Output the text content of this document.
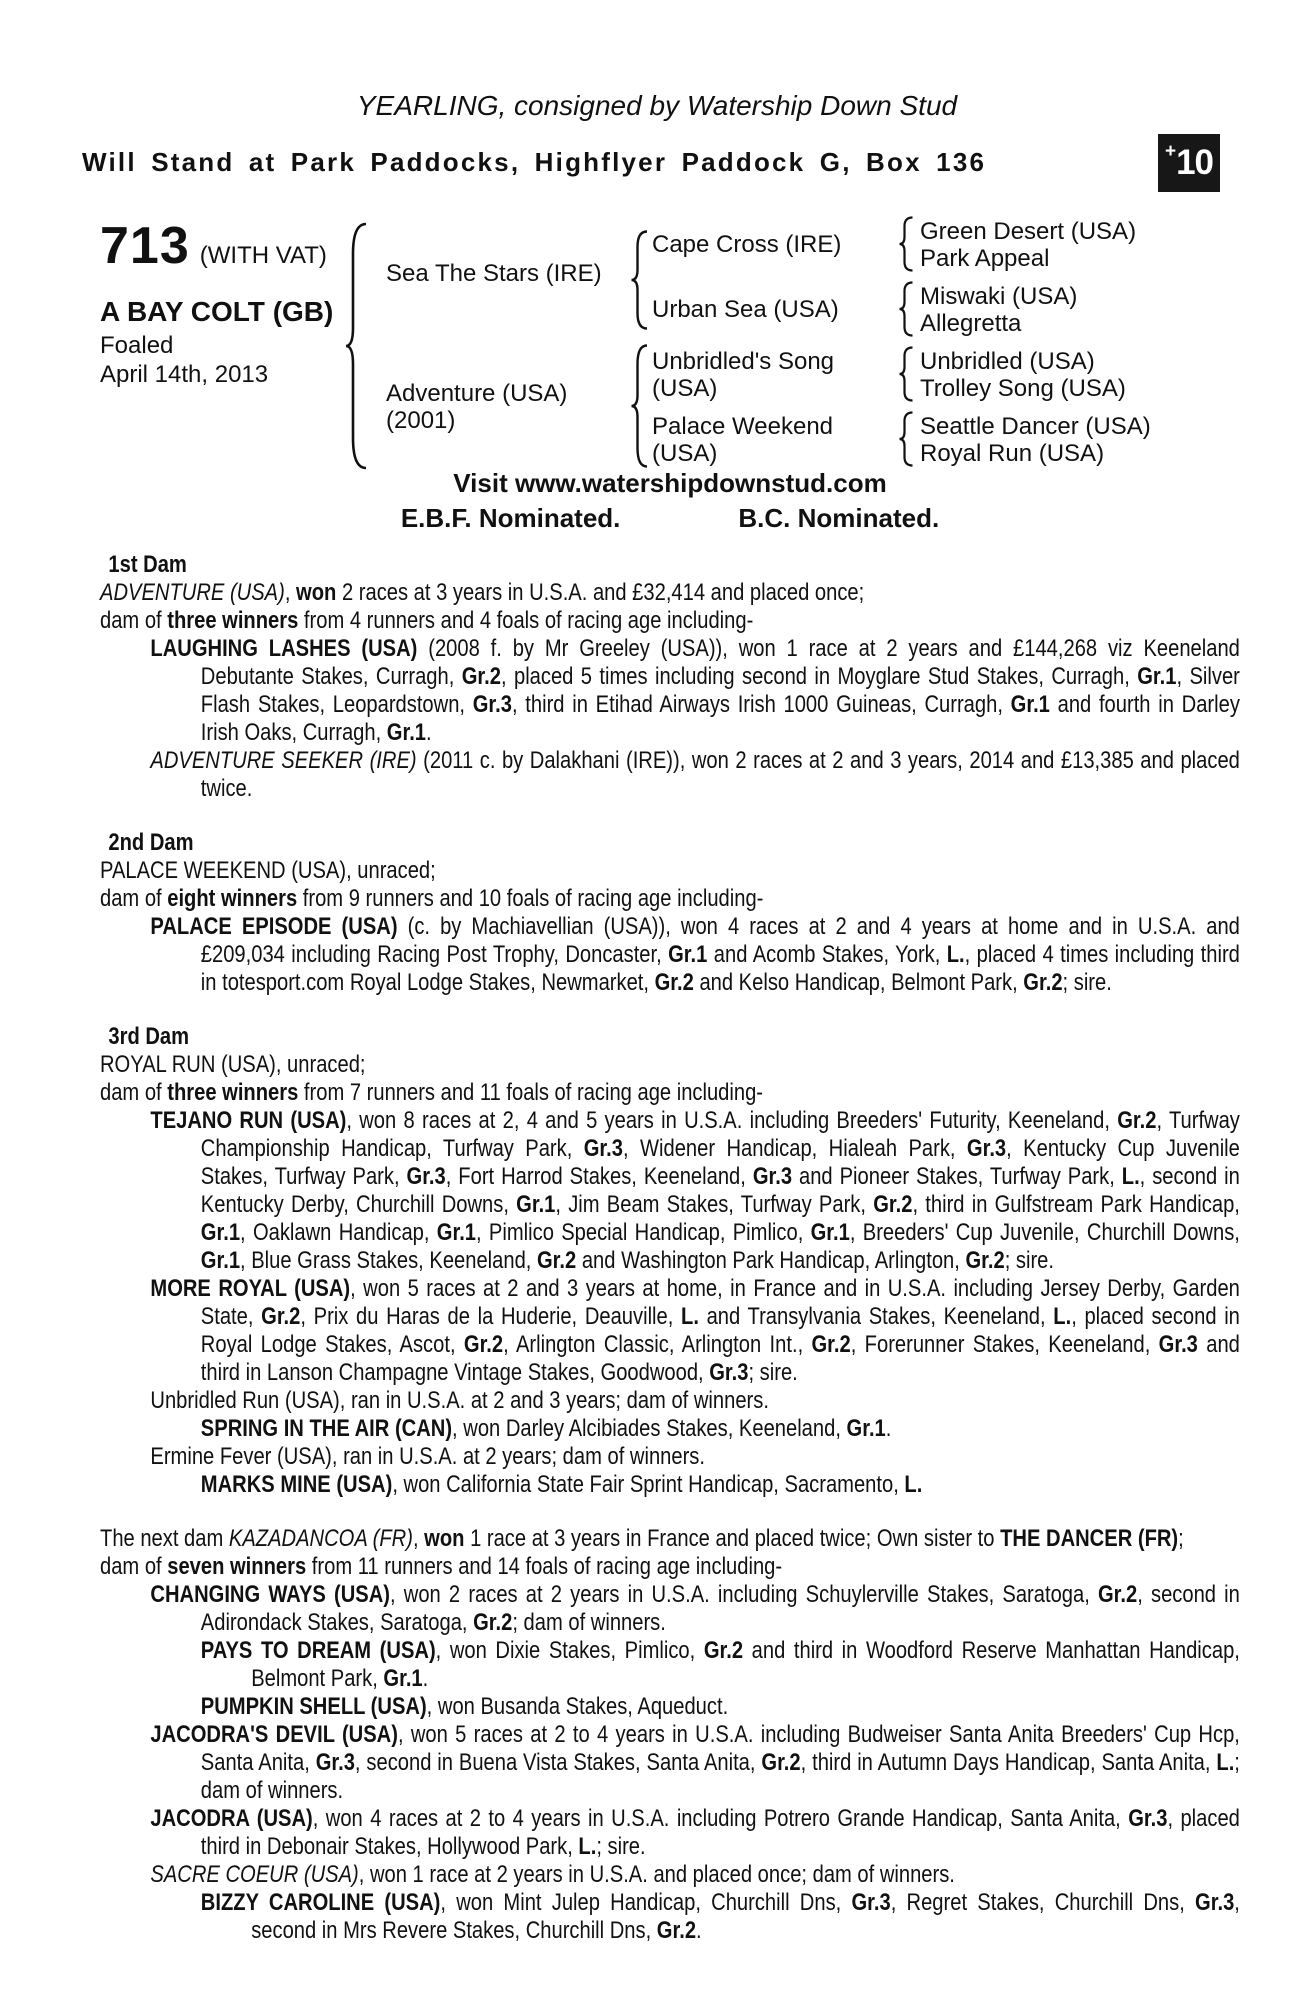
YEARLING, consigned by Watership Down Stud
Will Stand at Park Paddocks, Highflyer Paddock G, Box 136	+ 10
713 (WITH VAT)
A BAY COLT (GB)
Foaled
April 14th, 2013
Sea The Stars (IRE)
Adventure (USA)
(2001)
Cape Cross (IRE)
Urban Sea (USA)
Unbridled's Song
(USA)
Palace Weekend
(USA)
Green Desert (USA)
Park Appeal
Miswaki (USA)
Allegretta
Unbridled (USA)
Trolley Song (USA)
Seattle Dancer (USA)
Royal Run (USA)
Visit www.watershipdownstud.com
E.B.F. Nominated.	B.C. Nominated.
1st Dam

ADVENTURE (USA), won 2 races at 3 years in U.S.A. and £32,414 and placed once;

dam of three winners from 4 runners and 4 foals of racing age including-

LAUGHING LASHES (USA) (2008 f. by Mr Greeley (USA)), won 1 race at 2 years and £144,268 viz Keeneland Debutante Stakes, Curragh, Gr.2, placed 5 times including second in Moyglare Stud Stakes, Curragh, Gr.1, Silver Flash Stakes, Leopardstown, Gr.3, third in Etihad Airways Irish 1000 Guineas, Curragh, Gr.1 and fourth in Darley Irish Oaks, Curragh, Gr.1.

ADVENTURE SEEKER (IRE) (2011 c. by Dalakhani (IRE)), won 2 races at 2 and 3 years, 2014 and £13,385 and placed twice.

2nd Dam

PALACE WEEKEND (USA), unraced;

dam of eight winners from 9 runners and 10 foals of racing age including-

PALACE EPISODE (USA) (c. by Machiavellian (USA)), won 4 races at 2 and 4 years at home and in U.S.A. and £209,034 including Racing Post Trophy, Doncaster, Gr.1 and Acomb Stakes, York, L., placed 4 times including third in totesport.com Royal Lodge Stakes, Newmarket, Gr.2 and Kelso Handicap, Belmont Park, Gr.2; sire.

3rd Dam

ROYAL RUN (USA), unraced;

dam of three winners from 7 runners and 11 foals of racing age including-

TEJANO RUN (USA), won 8 races at 2, 4 and 5 years in U.S.A. including Breeders' Futurity, Keeneland, Gr.2, Turfway Championship Handicap, Turfway Park, Gr.3, Widener Handicap, Hialeah Park, Gr.3, Kentucky Cup Juvenile Stakes, Turfway Park, Gr.3, Fort Harrod Stakes, Keeneland, Gr.3 and Pioneer Stakes, Turfway Park, L., second in Kentucky Derby, Churchill Downs, Gr.1, Jim Beam Stakes, Turfway Park, Gr.2, third in Gulfstream Park Handicap, Gr.1, Oaklawn Handicap, Gr.1, Pimlico Special Handicap, Pimlico, Gr.1, Breeders' Cup Juvenile, Churchill Downs, Gr.1, Blue Grass Stakes, Keeneland, Gr.2 and Washington Park Handicap, Arlington, Gr.2; sire.

MORE ROYAL (USA), won 5 races at 2 and 3 years at home, in France and in U.S.A. including Jersey Derby, Garden State, Gr.2, Prix du Haras de la Huderie, Deauville, L. and Transylvania Stakes, Keeneland, L., placed second in Royal Lodge Stakes, Ascot, Gr.2, Arlington Classic, Arlington Int., Gr.2, Forerunner Stakes, Keeneland, Gr.3 and third in Lanson Champagne Vintage Stakes, Goodwood, Gr.3; sire.

Unbridled Run (USA), ran in U.S.A. at 2 and 3 years; dam of winners.

SPRING IN THE AIR (CAN), won Darley Alcibiades Stakes, Keeneland, Gr.1.

Ermine Fever (USA), ran in U.S.A. at 2 years; dam of winners.

MARKS MINE (USA), won California State Fair Sprint Handicap, Sacramento, L.

The next dam KAZADANCOA (FR), won 1 race at 3 years in France and placed twice; Own sister to THE DANCER (FR);

dam of seven winners from 11 runners and 14 foals of racing age including-

CHANGING WAYS (USA), won 2 races at 2 years in U.S.A. including Schuylerville Stakes, Saratoga, Gr.2, second in Adirondack Stakes, Saratoga, Gr.2; dam of winners.

PAYS TO DREAM (USA), won Dixie Stakes, Pimlico, Gr.2 and third in Woodford Reserve Manhattan Handicap, Belmont Park, Gr.1.

PUMPKIN SHELL (USA), won Busanda Stakes, Aqueduct.

JACODRA'S DEVIL (USA), won 5 races at 2 to 4 years in U.S.A. including Budweiser Santa Anita Breeders' Cup Hcp, Santa Anita, Gr.3, second in Buena Vista Stakes, Santa Anita, Gr.2, third in Autumn Days Handicap, Santa Anita, L.; dam of winners.

JACODRA (USA), won 4 races at 2 to 4 years in U.S.A. including Potrero Grande Handicap, Santa Anita, Gr.3, placed third in Debonair Stakes, Hollywood Park, L.; sire.

SACRE COEUR (USA), won 1 race at 2 years in U.S.A. and placed once; dam of winners.

BIZZY CAROLINE (USA), won Mint Julep Handicap, Churchill Dns, Gr.3, Regret Stakes, Churchill Dns, Gr.3, second in Mrs Revere Stakes, Churchill Dns, Gr.2.
